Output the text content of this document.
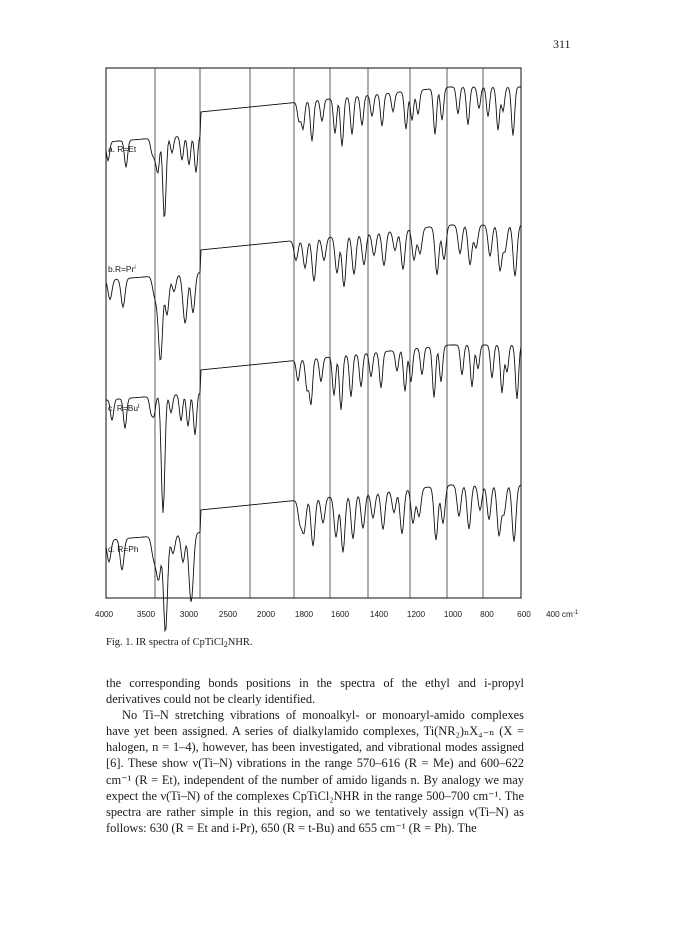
311
a. R=Et
$b.R=Pr^i$
c. $R=Bu^t$
d. R=Ph
4000	3500	3000	2500 2000 1800 1600	1400 1200 1000 800	600 400 $cm^{-1}$
Fig. 1. IR spectra of CpTiCl$_2$NHR.

the corresponding bonds positions in the spectra of the ethyl and i-propyl derivatives could not be clearly identified.

No Ti–N stretching vibrations of monoalkyl- or monoaryl-amido complexes have yet been assigned. A series of dialkylamido complexes, Ti(NR₂)ₙX₄₋ₙ (X = halogen, n = 1–4), however, has been investigated, and vibrational modes assigned [6]. These show ν(Ti–N) vibrations in the range 570–616 (R = Me) and 600–622 cm⁻¹ (R = Et), independent of the number of amido ligands n. By analogy we may expect the ν(Ti–N) of the complexes CpTiCl₂NHR in the range 500–700 cm⁻¹. The spectra are rather simple in this region, and so we tentatively assign ν(Ti–N) as follows: 630 (R = Et and i-Pr), 650 (R = t-Bu) and 655 cm⁻¹ (R = Ph). The
